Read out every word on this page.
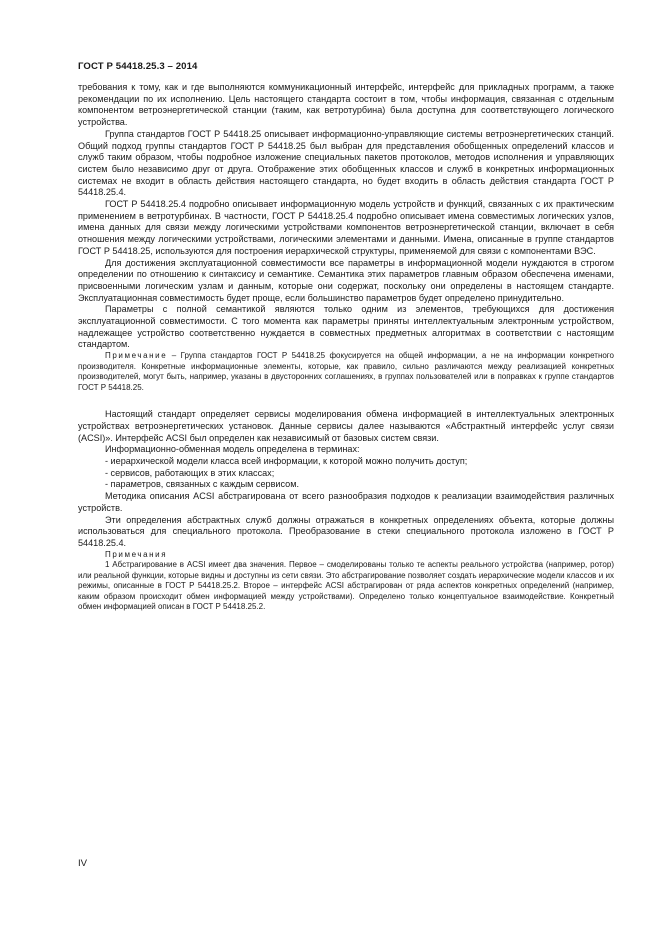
ГОСТ Р 54418.25.3 – 2014

требования к тому, как и где выполняются коммуникационный интерфейс, интерфейс для прикладных программ, а также рекомендации по их исполнению. Цель настоящего стандарта состоит в том, чтобы информация, связанная с отдельным компонентом ветроэнергетической станции (таким, как ветротурбина) была доступна для соответствующего логического устройства.

Группа стандартов ГОСТ Р 54418.25 описывает информационно-управляющие системы ветроэнергетических станций. Общий подход группы стандартов ГОСТ Р 54418.25 был выбран для представления обобщенных определений классов и служб таким образом, чтобы подробное изложение специальных пакетов протоколов, методов исполнения и управляющих систем было независимо друг от друга. Отображение этих обобщенных классов и служб в конкретных информационных системах не входит в область действия настоящего стандарта, но будет входить в область действия стандарта ГОСТ Р 54418.25.4.

ГОСТ Р 54418.25.4 подробно описывает информационную модель устройств и функций, связанных с их практическим применением в ветротурбинах. В частности, ГОСТ Р 54418.25.4 подробно описывает имена совместимых логических узлов, имена данных для связи между логическими устройствами компонентов ветроэнергетической станции, включает в себя отношения между логическими устройствами, логическими элементами и данными. Имена, описанные в группе стандартов ГОСТ Р 54418.25, используются для построения иерархической структуры, применяемой для связи с компонентами ВЭС.

Для достижения эксплуатационной совместимости все параметры в информационной модели нуждаются в строгом определении по отношению к синтаксису и семантике. Семантика этих параметров главным образом обеспечена именами, присвоенными логическим узлам и данным, которые они содержат, поскольку они определены в настоящем стандарте. Эксплуатационная совместимость будет проще, если большинство параметров будет определено принудительно.

Параметры с полной семантикой являются только одним из элементов, требующихся для достижения эксплуатационной совместимости. С того момента как параметры приняты интеллектуальным электронным устройством, надлежащее устройство соответственно нуждается в совместных предметных алгоритмах в соответствии с настоящим стандартом.

Примечание – Группа стандартов ГОСТ Р 54418.25 фокусируется на общей информации, а не на информации конкретного производителя. Конкретные информационные элементы, которые, как правило, сильно различаются между реализацией конкретных производителей, могут быть, например, указаны в двусторонних соглашениях, в группах пользователей или в поправках к группе стандартов ГОСТ Р 54418.25.

Настоящий стандарт определяет сервисы моделирования обмена информацией в интеллектуальных электронных устройствах ветроэнергетических установок. Данные сервисы далее называются «Абстрактный интерфейс услуг связи (ACSI)». Интерфейс ACSI был определен как независимый от базовых систем связи.

Информационно-обменная модель определена в терминах:

- иерархической модели класса всей информации, к которой можно получить доступ;

- сервисов, работающих в этих классах;

- параметров, связанных с каждым сервисом.

Методика описания ACSI абстрагирована от всего разнообразия подходов к реализации взаимодействия различных устройств.

Эти определения абстрактных служб должны отражаться в конкретных определениях объекта, которые должны использоваться для специального протокола. Преобразование в стеки специального протокола изложено в ГОСТ Р 54418.25.4.

Примечания

1 Абстрагирование в ACSI имеет два значения. Первое – смоделированы только те аспекты реального устройства (например, ротор) или реальной функции, которые видны и доступны из сети связи. Это абстрагирование позволяет создать иерархические модели классов и их режимы, описанные в ГОСТ Р 54418.25.2. Второе – интерфейс ACSI абстрагирован от ряда аспектов конкретных определений (например, каким образом происходит обмен информацией между устройствами). Определено только концептуальное взаимодействие. Конкретный обмен информацией описан в ГОСТ Р 54418.25.2.

IV
